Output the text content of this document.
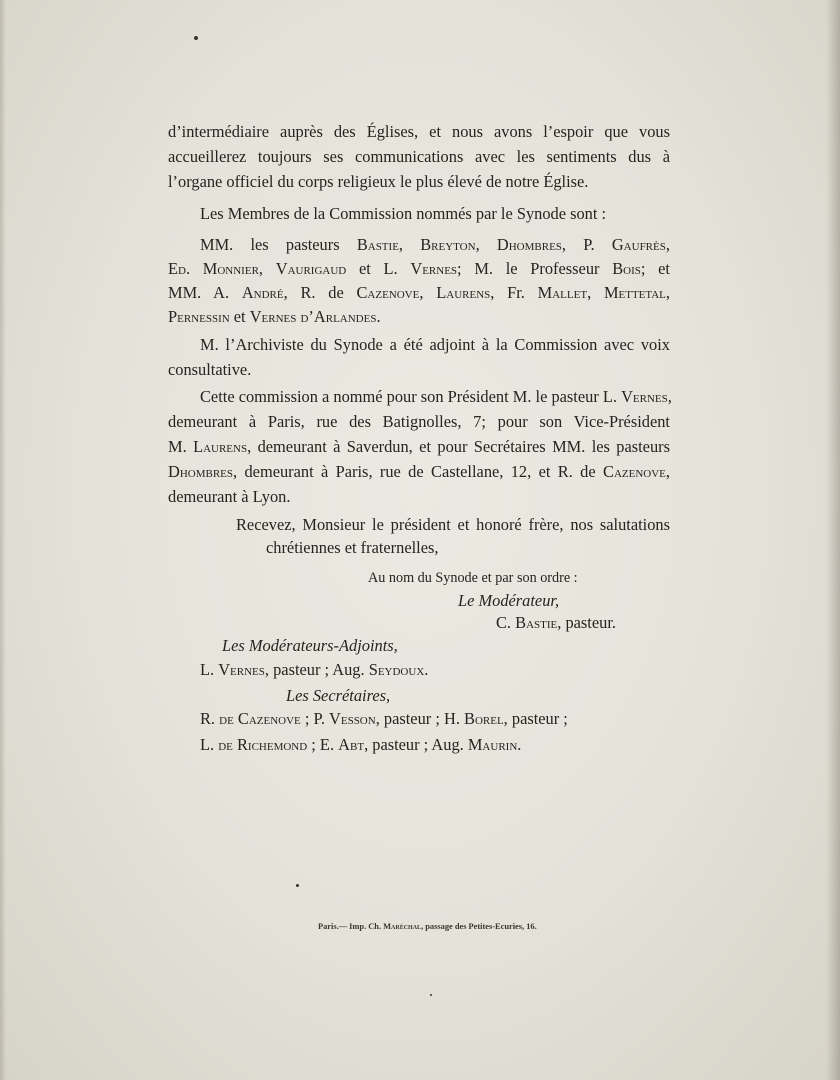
d’intermédiaire auprès des Églises, et nous avons l’espoir que vous
accueillerez toujours ses communications avec les sentiments dus à
l’organe officiel du corps religieux le plus élevé de notre Église.
Les Membres de la Commission nommés par le Synode sont :
MM. les pasteurs Bastie, Breyton, Dhombres, P. Gaufrès,
Ed. Monnier, Vaurigaud et L. Vernes; M. le Professeur Bois; et
MM. A. André, R. de Cazenove, Laurens, Fr. Mallet, Mettetal,
Pernessin et Vernes d’Arlandes.
M. l’Archiviste du Synode a été adjoint à la Commission avec voix
consultative.
Cette commission a nommé pour son Président M. le pasteur L. Vernes,
demeurant à Paris, rue des Batignolles, 7; pour son Vice-Président
M. Laurens, demeurant à Saverdun, et pour Secrétaires MM. les pasteurs
Dhombres, demeurant à Paris, rue de Castellane, 12, et R. de Cazenove,
demeurant à Lyon.
Recevez, Monsieur le président et honoré frère, nos salutations
chrétiennes et fraternelles,
Au nom du Synode et par son ordre :
Le Modérateur,
C. Bastie, pasteur.
Les Modérateurs-Adjoints,
L. Vernes, pasteur ; Aug. Seydoux.
Les Secrétaires,
R. de Cazenove ; P. Vesson, pasteur ; H. Borel, pasteur ;
L. de Richemond ; E. Abt, pasteur ; Aug. Maurin.
Paris.— Imp. Ch. Maréchal, passage des Petites-Ecuries, 16.
